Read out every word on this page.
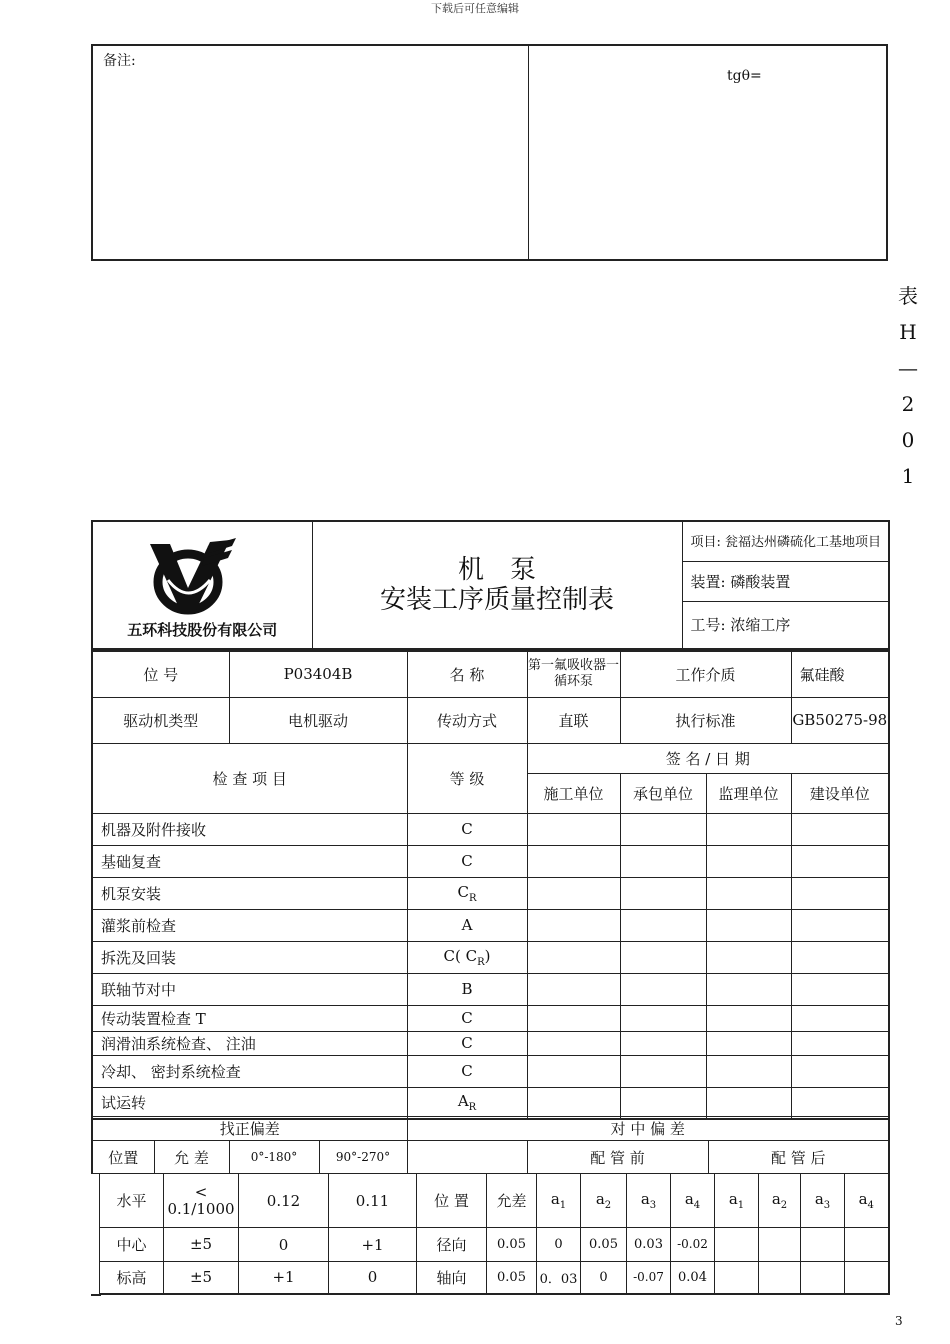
下载后可任意编辑
备注:
tgθ=
表
H
—
2
0
1
五环科技股份有限公司

机　泵
安装工序质量控制表
	项目: 瓮福达州磷硫化工基地项目
装置: 磷酸装置
工号: 浓缩工序
位 号	P03404B	名 称	第一氟吸收器一循环泵	工作介质		氟硅酸
驱动机类型	电机驱动	传动方式	直联	执行标准		GB50275-98
检 查 项 目		等 级	签 名 / 日 期			
			施工单位	承包单位	监理单位	建设单位
机器及附件接收		C				
基础复查		C				
机泵安装		$C_R$				
灌浆前检查		A				
拆洗及回装		C( $C_R$)				
联轴节对中		B				
传动装置检查 T		C				
润滑油系统检查、 注油		C				
冷却、 密封系统检查		C				
试运转		$A_R$				
找正偏差				对 中 偏 差		
位置	允 差	0°-180°	90°-270°		配 管 前	配 管 后
水平	< 0.1/1000	0.12	0.11	位 置	允差	$a_1$	$a_2$	$a_3$	$a_4$	$a_1$	$a_2$	$a_3$	$a_4$
中心	±5	0	+1	径向	0.05	0	0.05	0.03	-0.02				
标高	±5	+1	0	轴向	0.05	0．03	0	-0.07	0.04				
3
